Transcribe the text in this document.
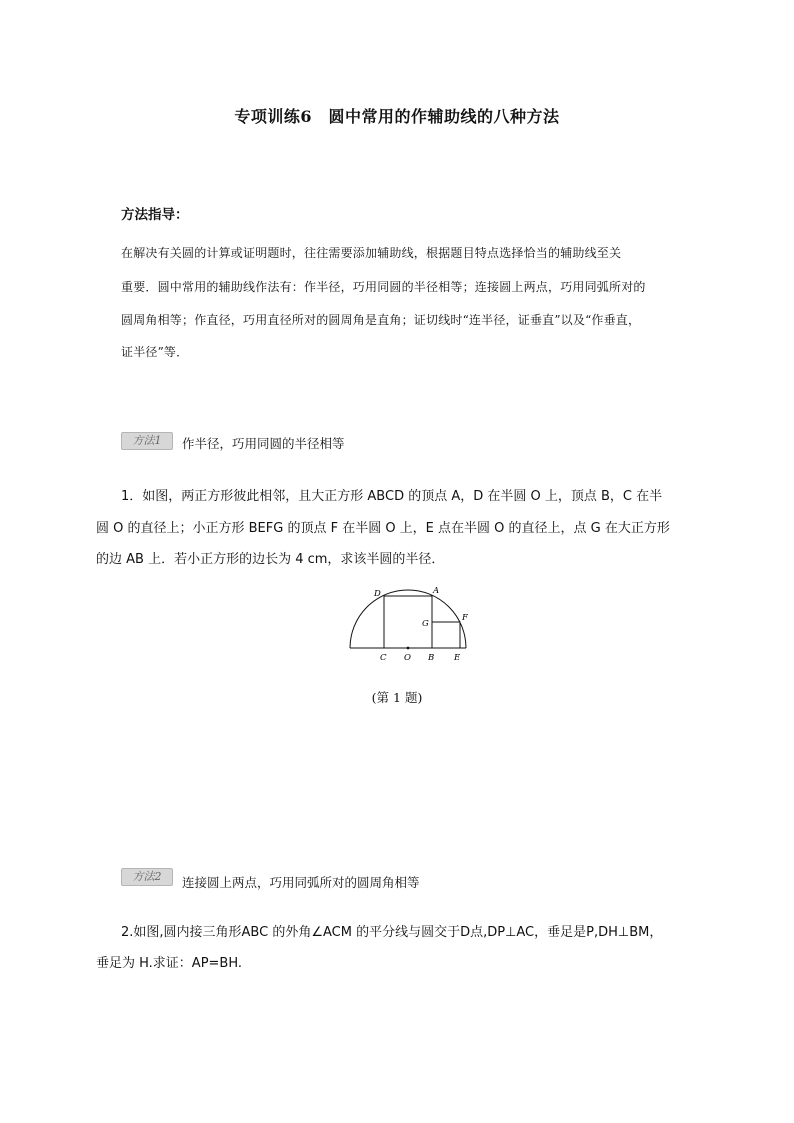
专项训练6　圆中常用的作辅助线的八种方法
方法指导：
在解决有关圆的计算或证明题时，往往需要添加辅助线，根据题目特点选择恰当的辅助线至关
重要．圆中常用的辅助线作法有：作半径，巧用同圆的半径相等；连接圆上两点，巧用同弧所对的
圆周角相等；作直径，巧用直径所对的圆周角是直角；证切线时“连半径，证垂直”以及“作垂直，
证半径”等．
方法1	作半径，巧用同圆的半径相等
1．如图，两正方形彼此相邻，且大正方形 ABCD 的顶点 A，D 在半圆 O 上，顶点 B，C 在半
圆 O 的直径上；小正方形 BEFG 的顶点 F 在半圆 O 上，E 点在半圆 O 的直径上，点 G 在大正方形
的边 AB 上．若小正方形的边长为 4 cm，求该半圆的半径．
D	A
G
F
C O B E
(第 1 题)
方法2	连接圆上两点，巧用同弧所对的圆周角相等
2.如图,圆内接三角形ABC 的外角∠ACM 的平分线与圆交于D点,DP⊥AC，垂足是P,DH⊥BM，
垂足为 H.求证：AP=BH.
